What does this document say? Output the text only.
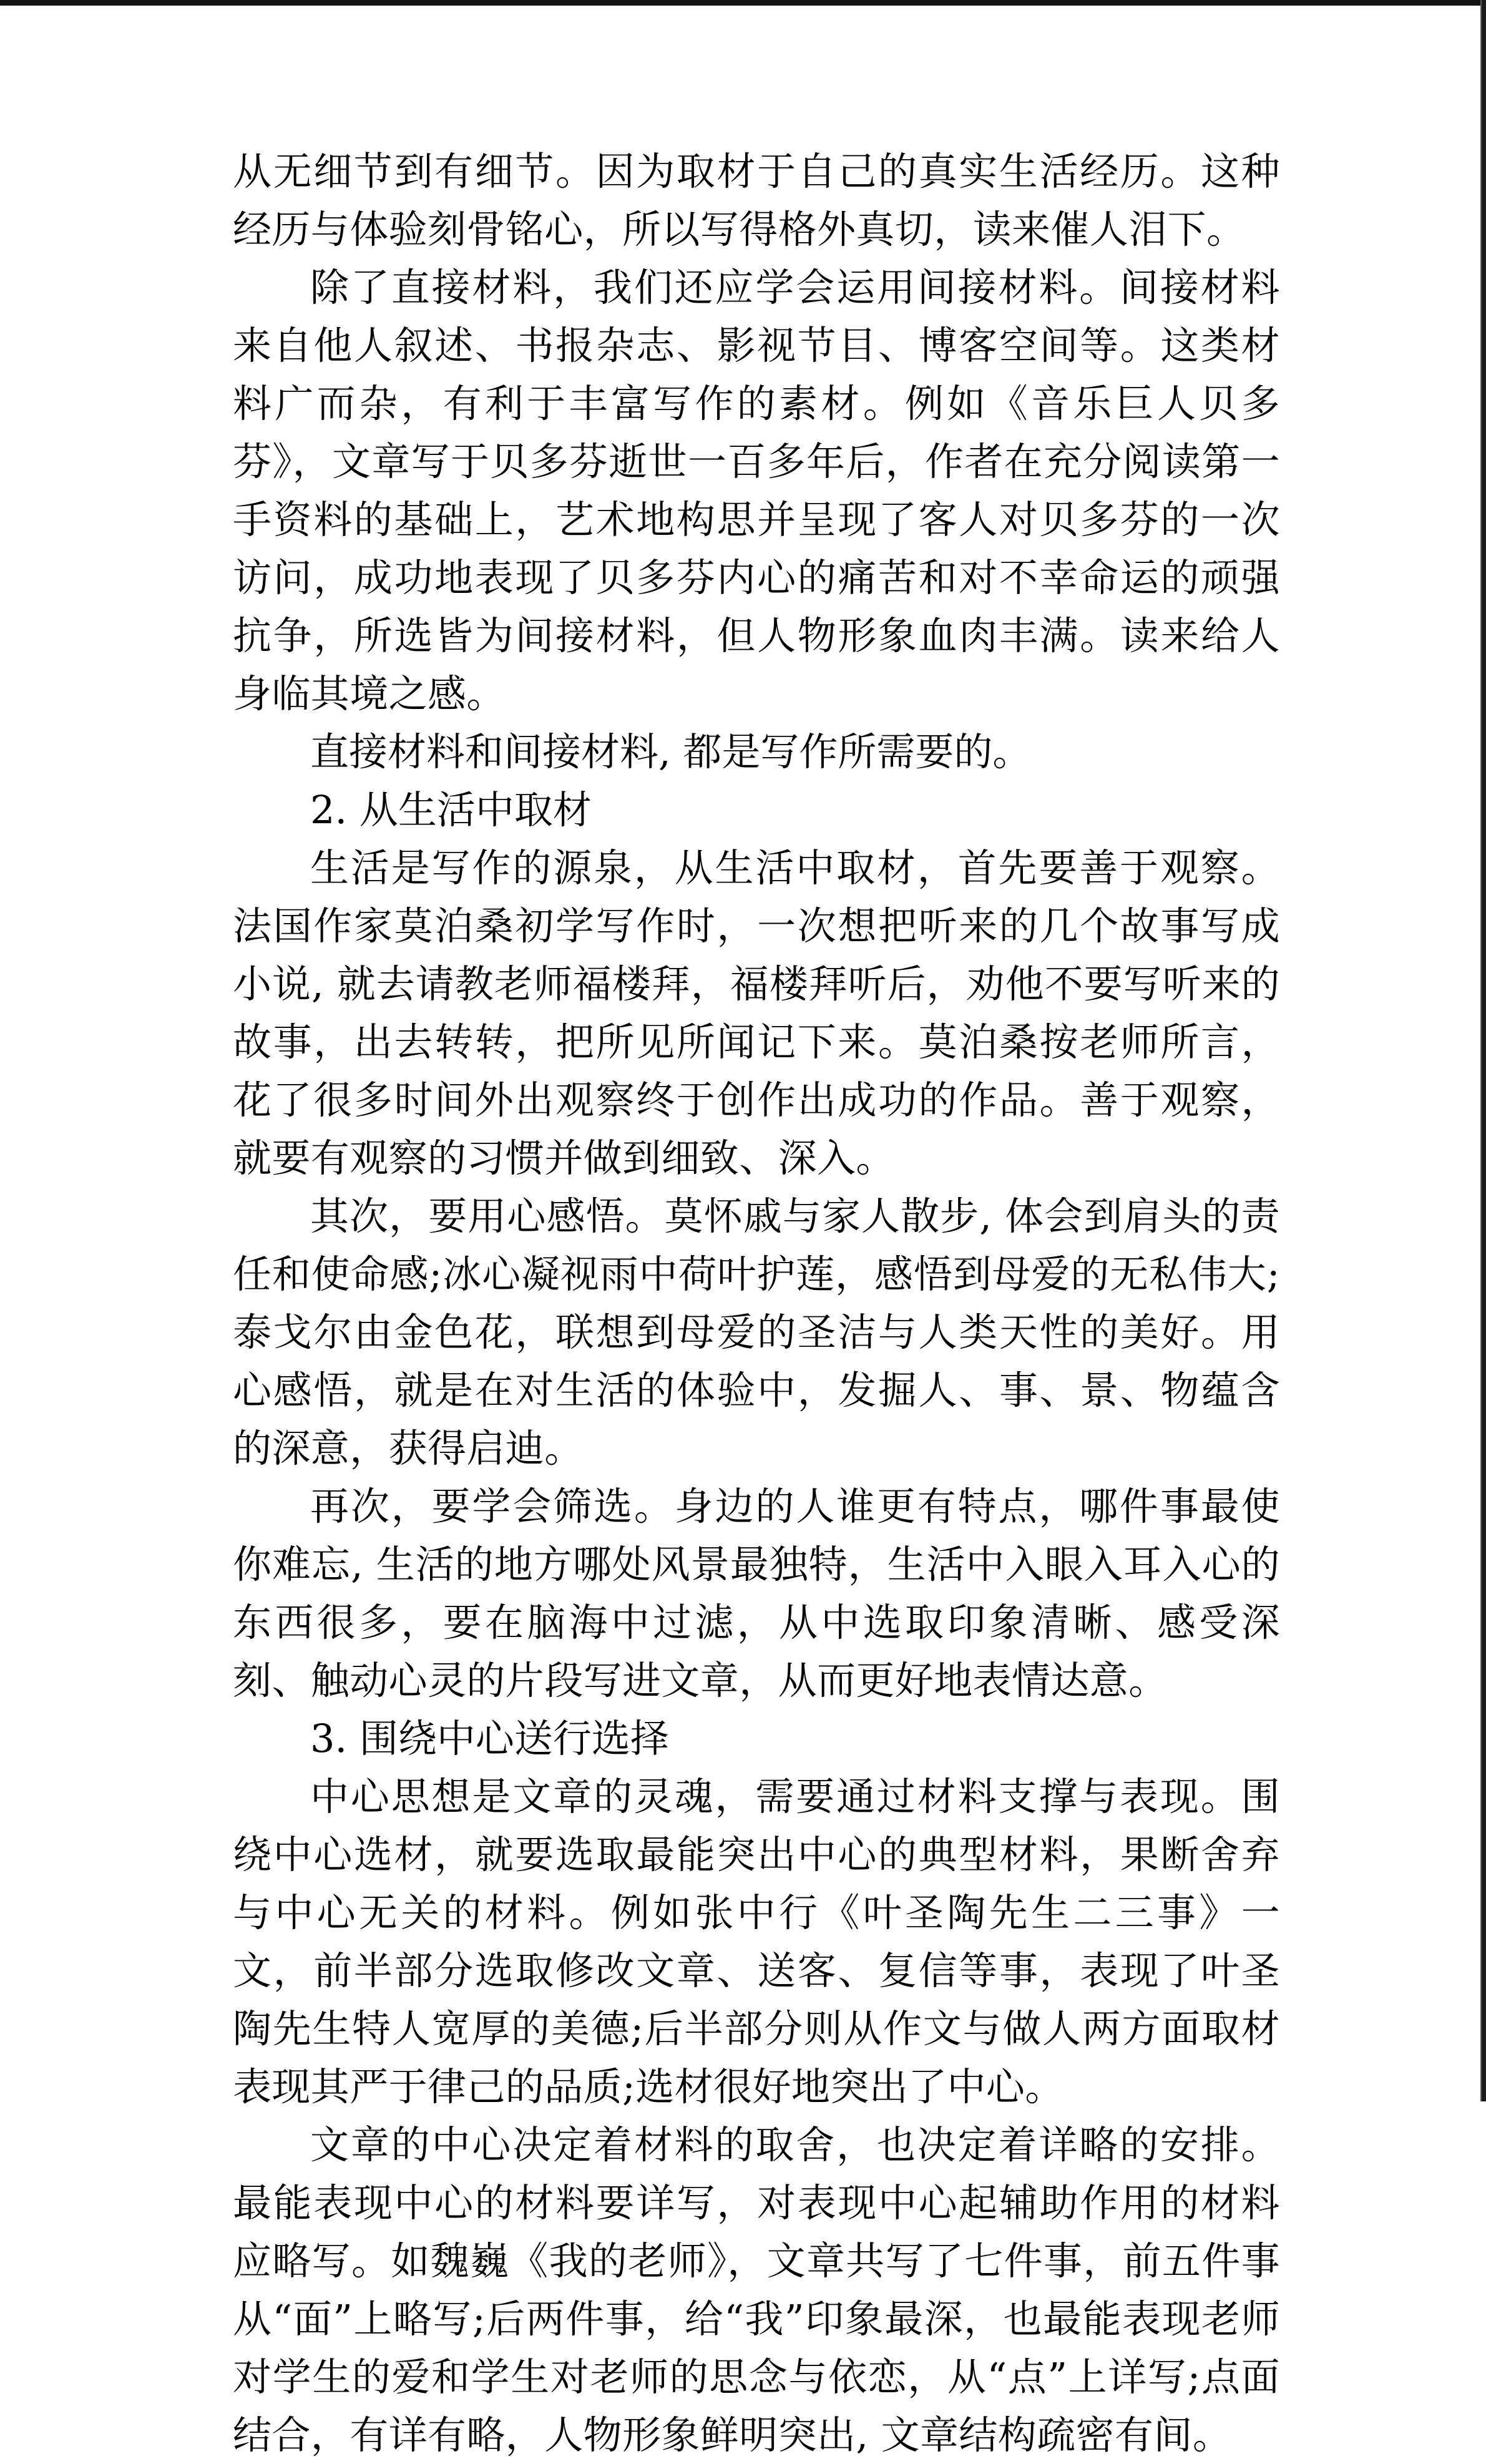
从无细节到有细节。因为取材于自己的真实生活经历。这种经历与体验刻骨铭心，所以写得格外真切，读来催人泪下。

除了直接材料，我们还应学会运用间接材料。间接材料来自他人叙述、书报杂志、影视节目、博客空间等。这类材料广而杂，有利于丰富写作的素材。例如《音乐巨人贝多芬》，文章写于贝多芬逝世一百多年后，作者在充分阅读第一手资料的基础上，艺术地构思并呈现了客人对贝多芬的一次访问，成功地表现了贝多芬内心的痛苦和对不幸命运的顽强抗争，所选皆为间接材料，但人物形象血肉丰满。读来给人身临其境之感。

直接材料和间接材料, 都是写作所需要的。

2. 从生活中取材

生活是写作的源泉，从生活中取材，首先要善于观察。法国作家莫泊桑初学写作时，一次想把听来的几个故事写成小说, 就去请教老师福楼拜，福楼拜听后，劝他不要写听来的故事，出去转转，把所见所闻记下来。莫泊桑按老师所言，花了很多时间外出观察终于创作出成功的作品。善于观察，就要有观察的习惯并做到细致、深入。

其次，要用心感悟。莫怀戚与家人散步, 体会到肩头的责任和使命感;冰心凝视雨中荷叶护莲，感悟到母爱的无私伟大;泰戈尔由金色花，联想到母爱的圣洁与人类天性的美好。用心感悟，就是在对生活的体验中，发掘人、事、景、物蕴含的深意，获得启迪。

再次，要学会筛选。身边的人谁更有特点，哪件事最使你难忘, 生活的地方哪处风景最独特，生活中入眼入耳入心的东西很多，要在脑海中过滤，从中选取印象清晰、感受深刻、触动心灵的片段写进文章，从而更好地表情达意。

3. 围绕中心送行选择

中心思想是文章的灵魂，需要通过材料支撑与表现。围绕中心选材，就要选取最能突出中心的典型材料，果断舍弃与中心无关的材料。例如张中行《叶圣陶先生二三事》一文，前半部分选取修改文章、送客、复信等事，表现了叶圣陶先生特人宽厚的美德;后半部分则从作文与做人两方面取材表现其严于律己的品质;选材很好地突出了中心。

文章的中心决定着材料的取舍，也决定着详略的安排。最能表现中心的材料要详写，对表现中心起辅助作用的材料应略写。如魏巍《我的老师》，文章共写了七件事，前五件事从“面”上略写;后两件事，给“我”印象最深，也最能表现老师对学生的爱和学生对老师的思念与依恋，从“点”上详写;点面结合，有详有略，人物形象鲜明突出, 文章结构疏密有间。
